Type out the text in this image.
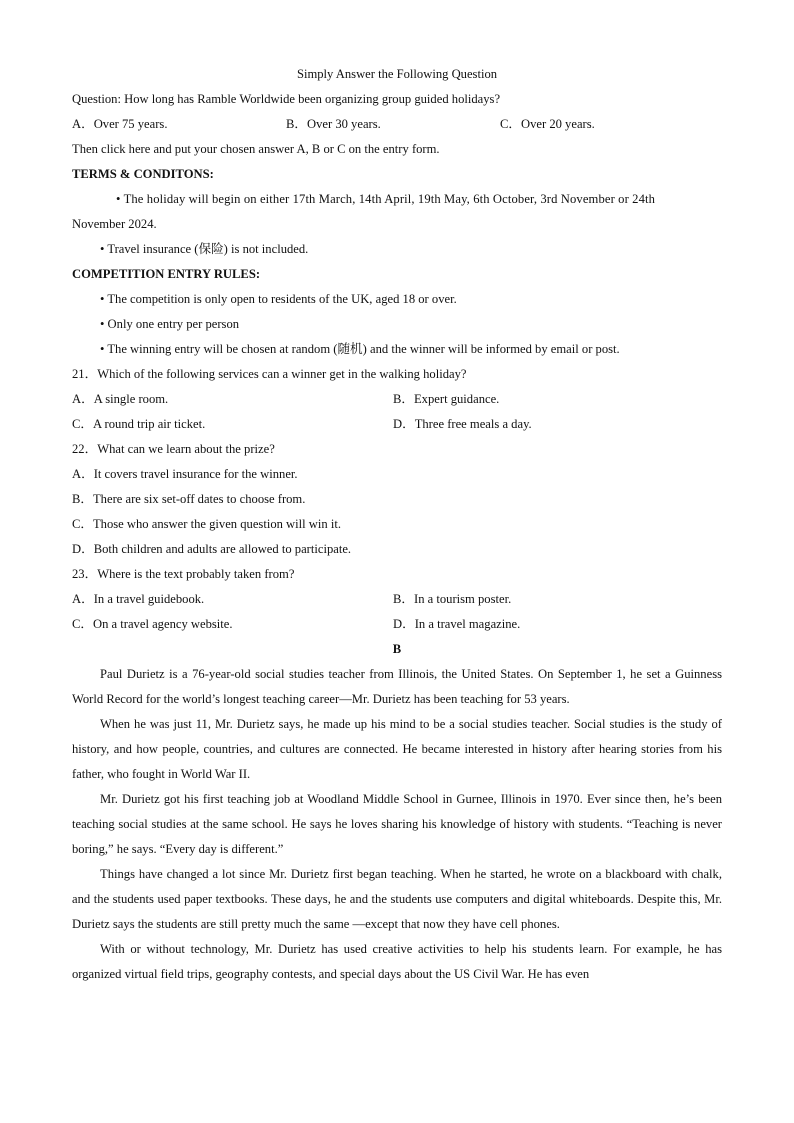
Simply Answer the Following Question
Question: How long has Ramble Worldwide been organizing group guided holidays?
A．Over 75 years.	B．Over 30 years.	C．Over 20 years.
Then click here and put your chosen answer A, B or C on the entry form.
TERMS & CONDITONS:
• The holiday will begin on either 17th March, 14th April, 19th May, 6th October, 3rd November or 24th
November 2024.
• Travel insurance (保险) is not included.
COMPETITION ENTRY RULES:
• The competition is only open to residents of the UK, aged 18 or over.
• Only one entry per person
• The winning entry will be chosen at random (随机) and the winner will be informed by email or post.
21．Which of the following services can a winner get in the walking holiday?
A．A single room.	B．Expert guidance.
C．A round trip air ticket.	D．Three free meals a day.
22．What can we learn about the prize?
A．It covers travel insurance for the winner.
B．There are six set-off dates to choose from.
C．Those who answer the given question will win it.
D．Both children and adults are allowed to participate.
23．Where is the text probably taken from?
A．In a travel guidebook.	B．In a tourism poster.
C．On a travel agency website.	D．In a travel magazine.
B

Paul Durietz is a 76-year-old social studies teacher from Illinois, the United States. On September 1, he set a Guinness World Record for the world’s longest teaching career—Mr. Durietz has been teaching for 53 years.

When he was just 11, Mr. Durietz says, he made up his mind to be a social studies teacher. Social studies is the study of history, and how people, countries, and cultures are connected. He became interested in history after hearing stories from his father, who fought in World War II.

Mr. Durietz got his first teaching job at Woodland Middle School in Gurnee, Illinois in 1970. Ever since then, he’s been teaching social studies at the same school. He says he loves sharing his knowledge of history with students. “Teaching is never boring,” he says. “Every day is different.”

Things have changed a lot since Mr. Durietz first began teaching. When he started, he wrote on a blackboard with chalk, and the students used paper textbooks. These days, he and the students use computers and digital whiteboards. Despite this, Mr. Durietz says the students are still pretty much the same —except that now they have cell phones.

With or without technology, Mr. Durietz has used creative activities to help his students learn. For example, he has organized virtual field trips, geography contests, and special days about the US Civil War. He has even
